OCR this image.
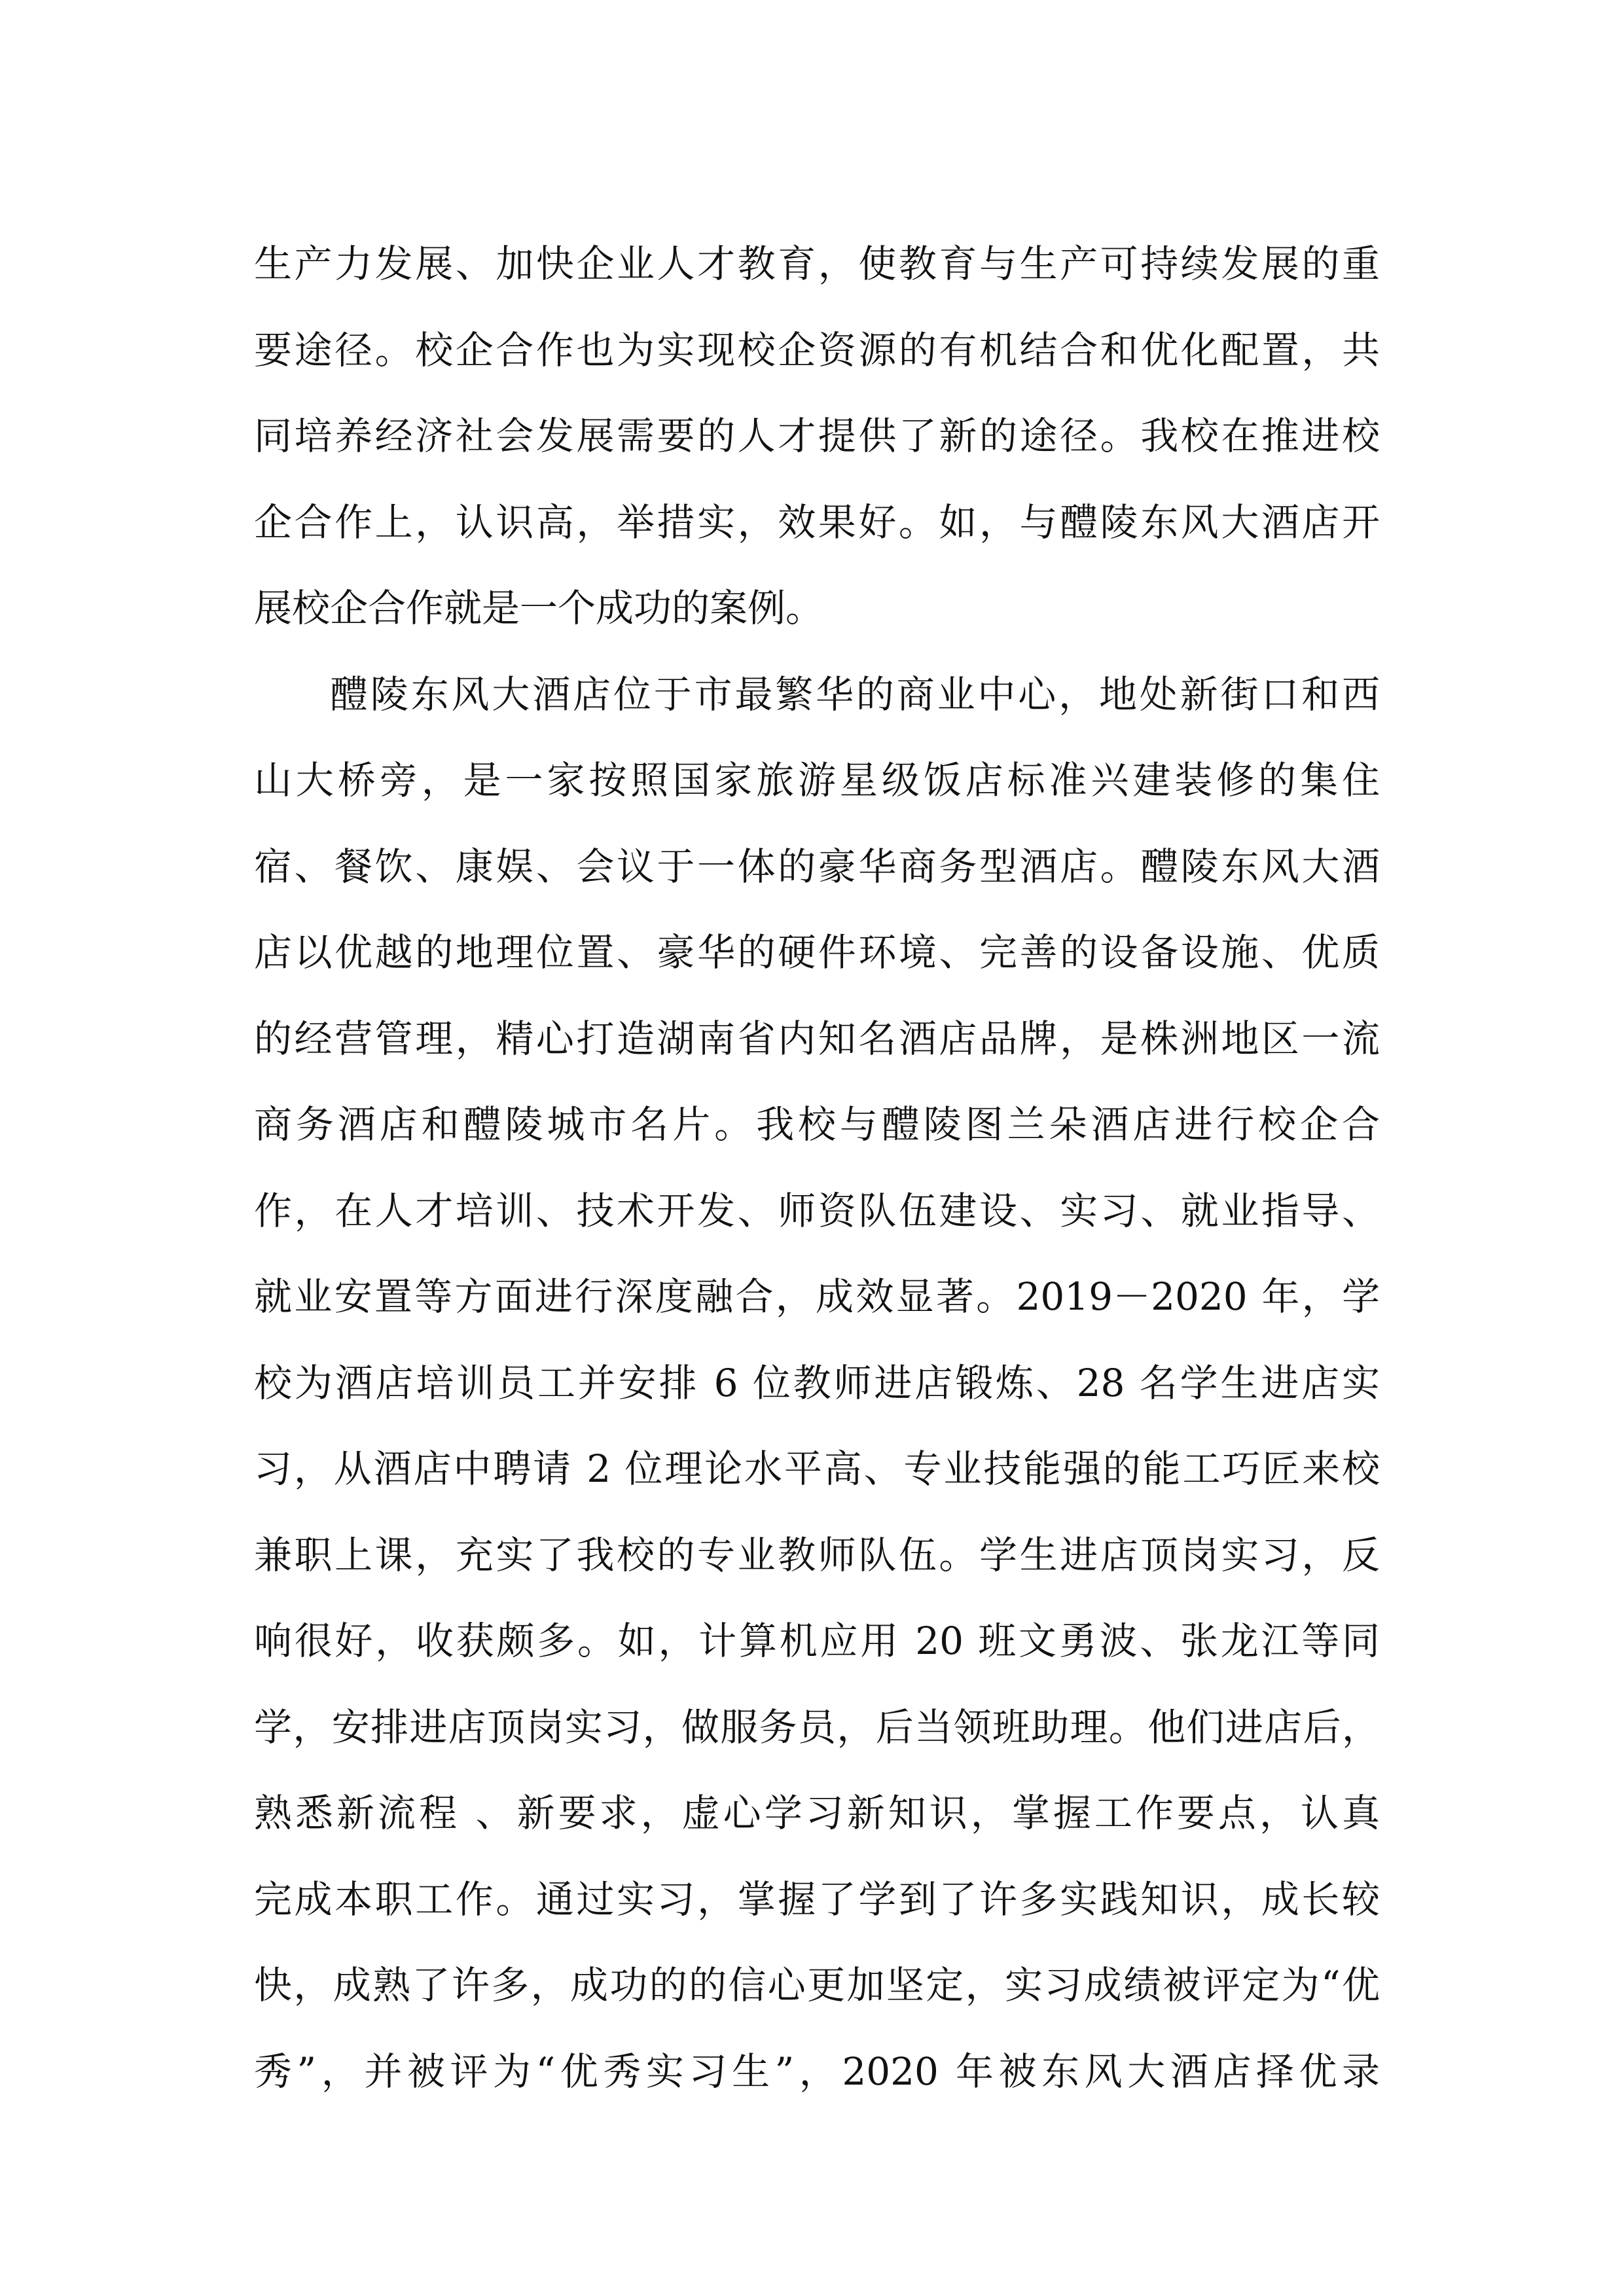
生产力发展、加快企业人才教育，使教育与生产可持续发展的重
要途径。校企合作也为实现校企资源的有机结合和优化配置，共
同培养经济社会发展需要的人才提供了新的途径。我校在推进校
企合作上，认识高，举措实，效果好。如，与醴陵东风大酒店开
展校企合作就是一个成功的案例。
醴陵东风大酒店位于市最繁华的商业中心，地处新街口和西
山大桥旁，是一家按照国家旅游星级饭店标准兴建装修的集住
宿、餐饮、康娱、会议于一体的豪华商务型酒店。醴陵东风大酒
店以优越的地理位置、豪华的硬件环境、完善的设备设施、优质
的经营管理，精心打造湖南省内知名酒店品牌，是株洲地区一流
商务酒店和醴陵城市名片。我校与醴陵图兰朵酒店进行校企合
作，在人才培训、技术开发、师资队伍建设、实习、就业指导、
就业安置等方面进行深度融合，成效显著。2019－2020 年，学
校为酒店培训员工并安排 6 位教师进店锻炼、28 名学生进店实
习，从酒店中聘请 2 位理论水平高、专业技能强的能工巧匠来校
兼职上课，充实了我校的专业教师队伍。学生进店顶岗实习，反
响很好，收获颇多。如，计算机应用 20 班文勇波、张龙江等同
学，安排进店顶岗实习，做服务员，后当领班助理。他们进店后，
熟悉新流程 、新要求，虚心学习新知识，掌握工作要点，认真
完成本职工作。通过实习，掌握了学到了许多实践知识，成长较
快，成熟了许多，成功的的信心更加坚定，实习成绩被评定为“优
秀”，并被评为“优秀实习生”，2020 年被东风大酒店择优录
